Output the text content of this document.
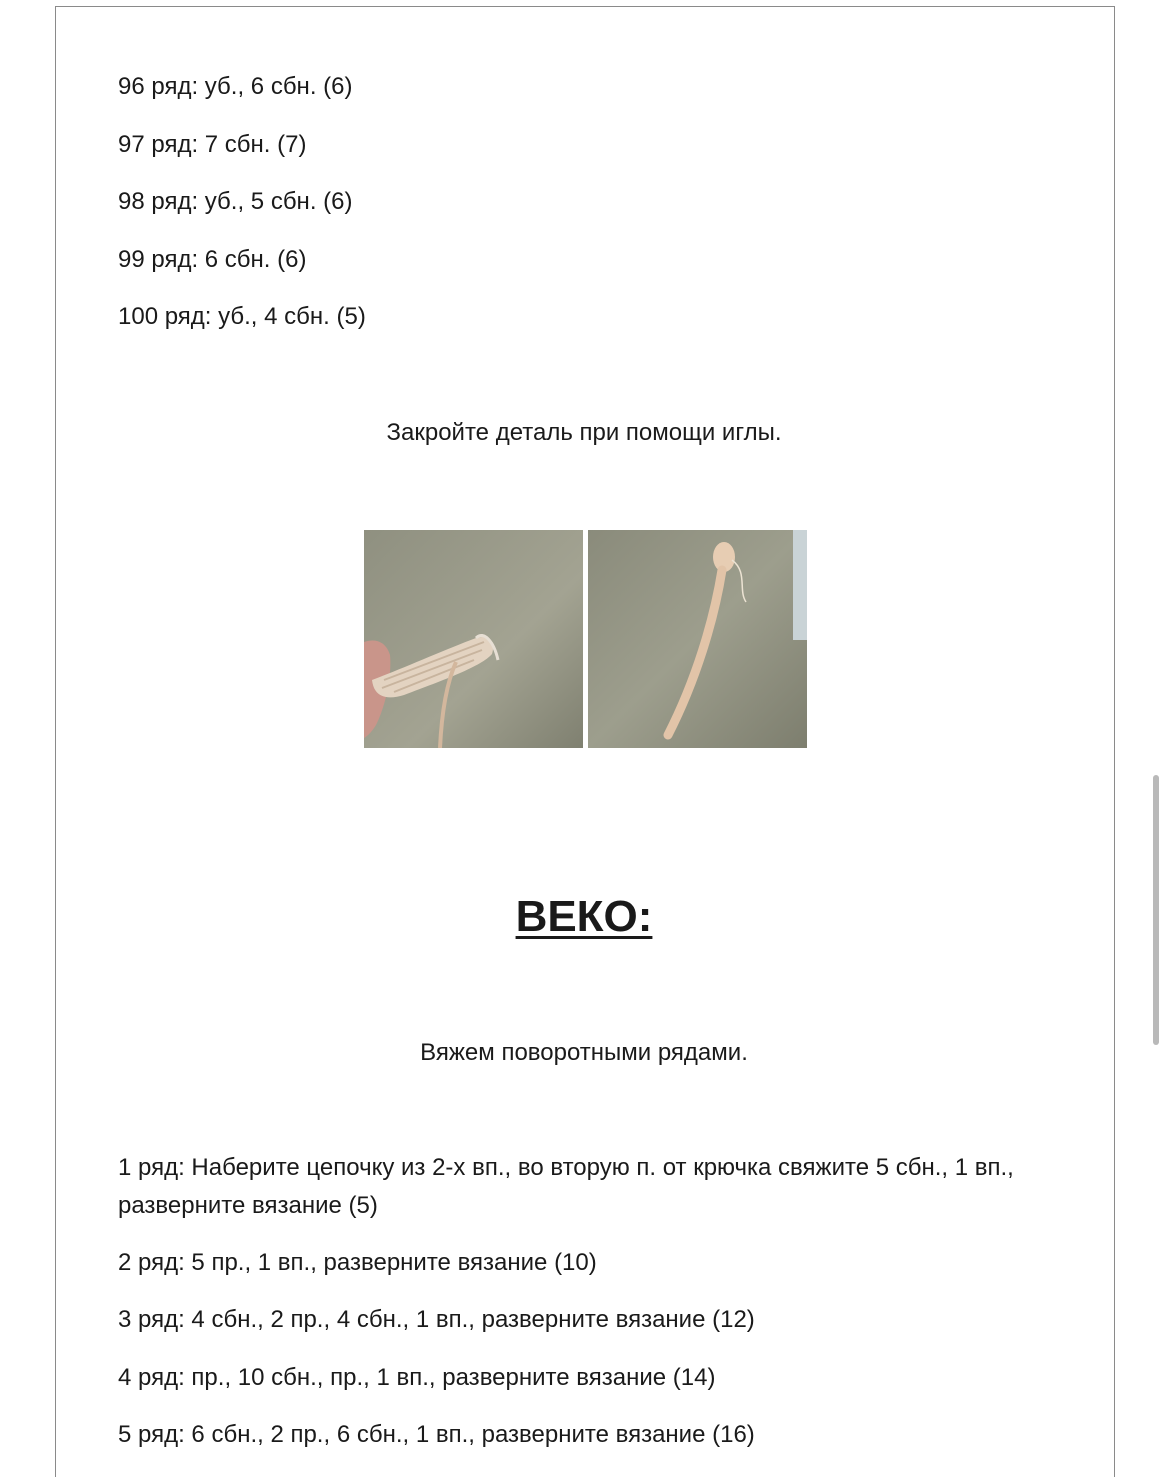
96 ряд: уб., 6 сбн. (6)
97 ряд: 7 сбн. (7)
98 ряд: уб., 5 сбн. (6)
99 ряд: 6 сбн. (6)
100 ряд: уб., 4 сбн. (5)
Закройте деталь при помощи иглы.
ВЕКО:
Вяжем поворотными рядами.
1 ряд: Наберите цепочку из 2-х вп., во вторую п. от крючка свяжите 5 сбн., 1 вп., разверните вязание (5)
2 ряд: 5 пр., 1 вп., разверните вязание (10)
3 ряд: 4 сбн., 2 пр., 4 сбн., 1 вп., разверните вязание (12)
4 ряд: пр., 10 сбн., пр., 1 вп., разверните вязание (14)
5 ряд: 6 сбн., 2 пр., 6 сбн., 1 вп., разверните вязание (16)
